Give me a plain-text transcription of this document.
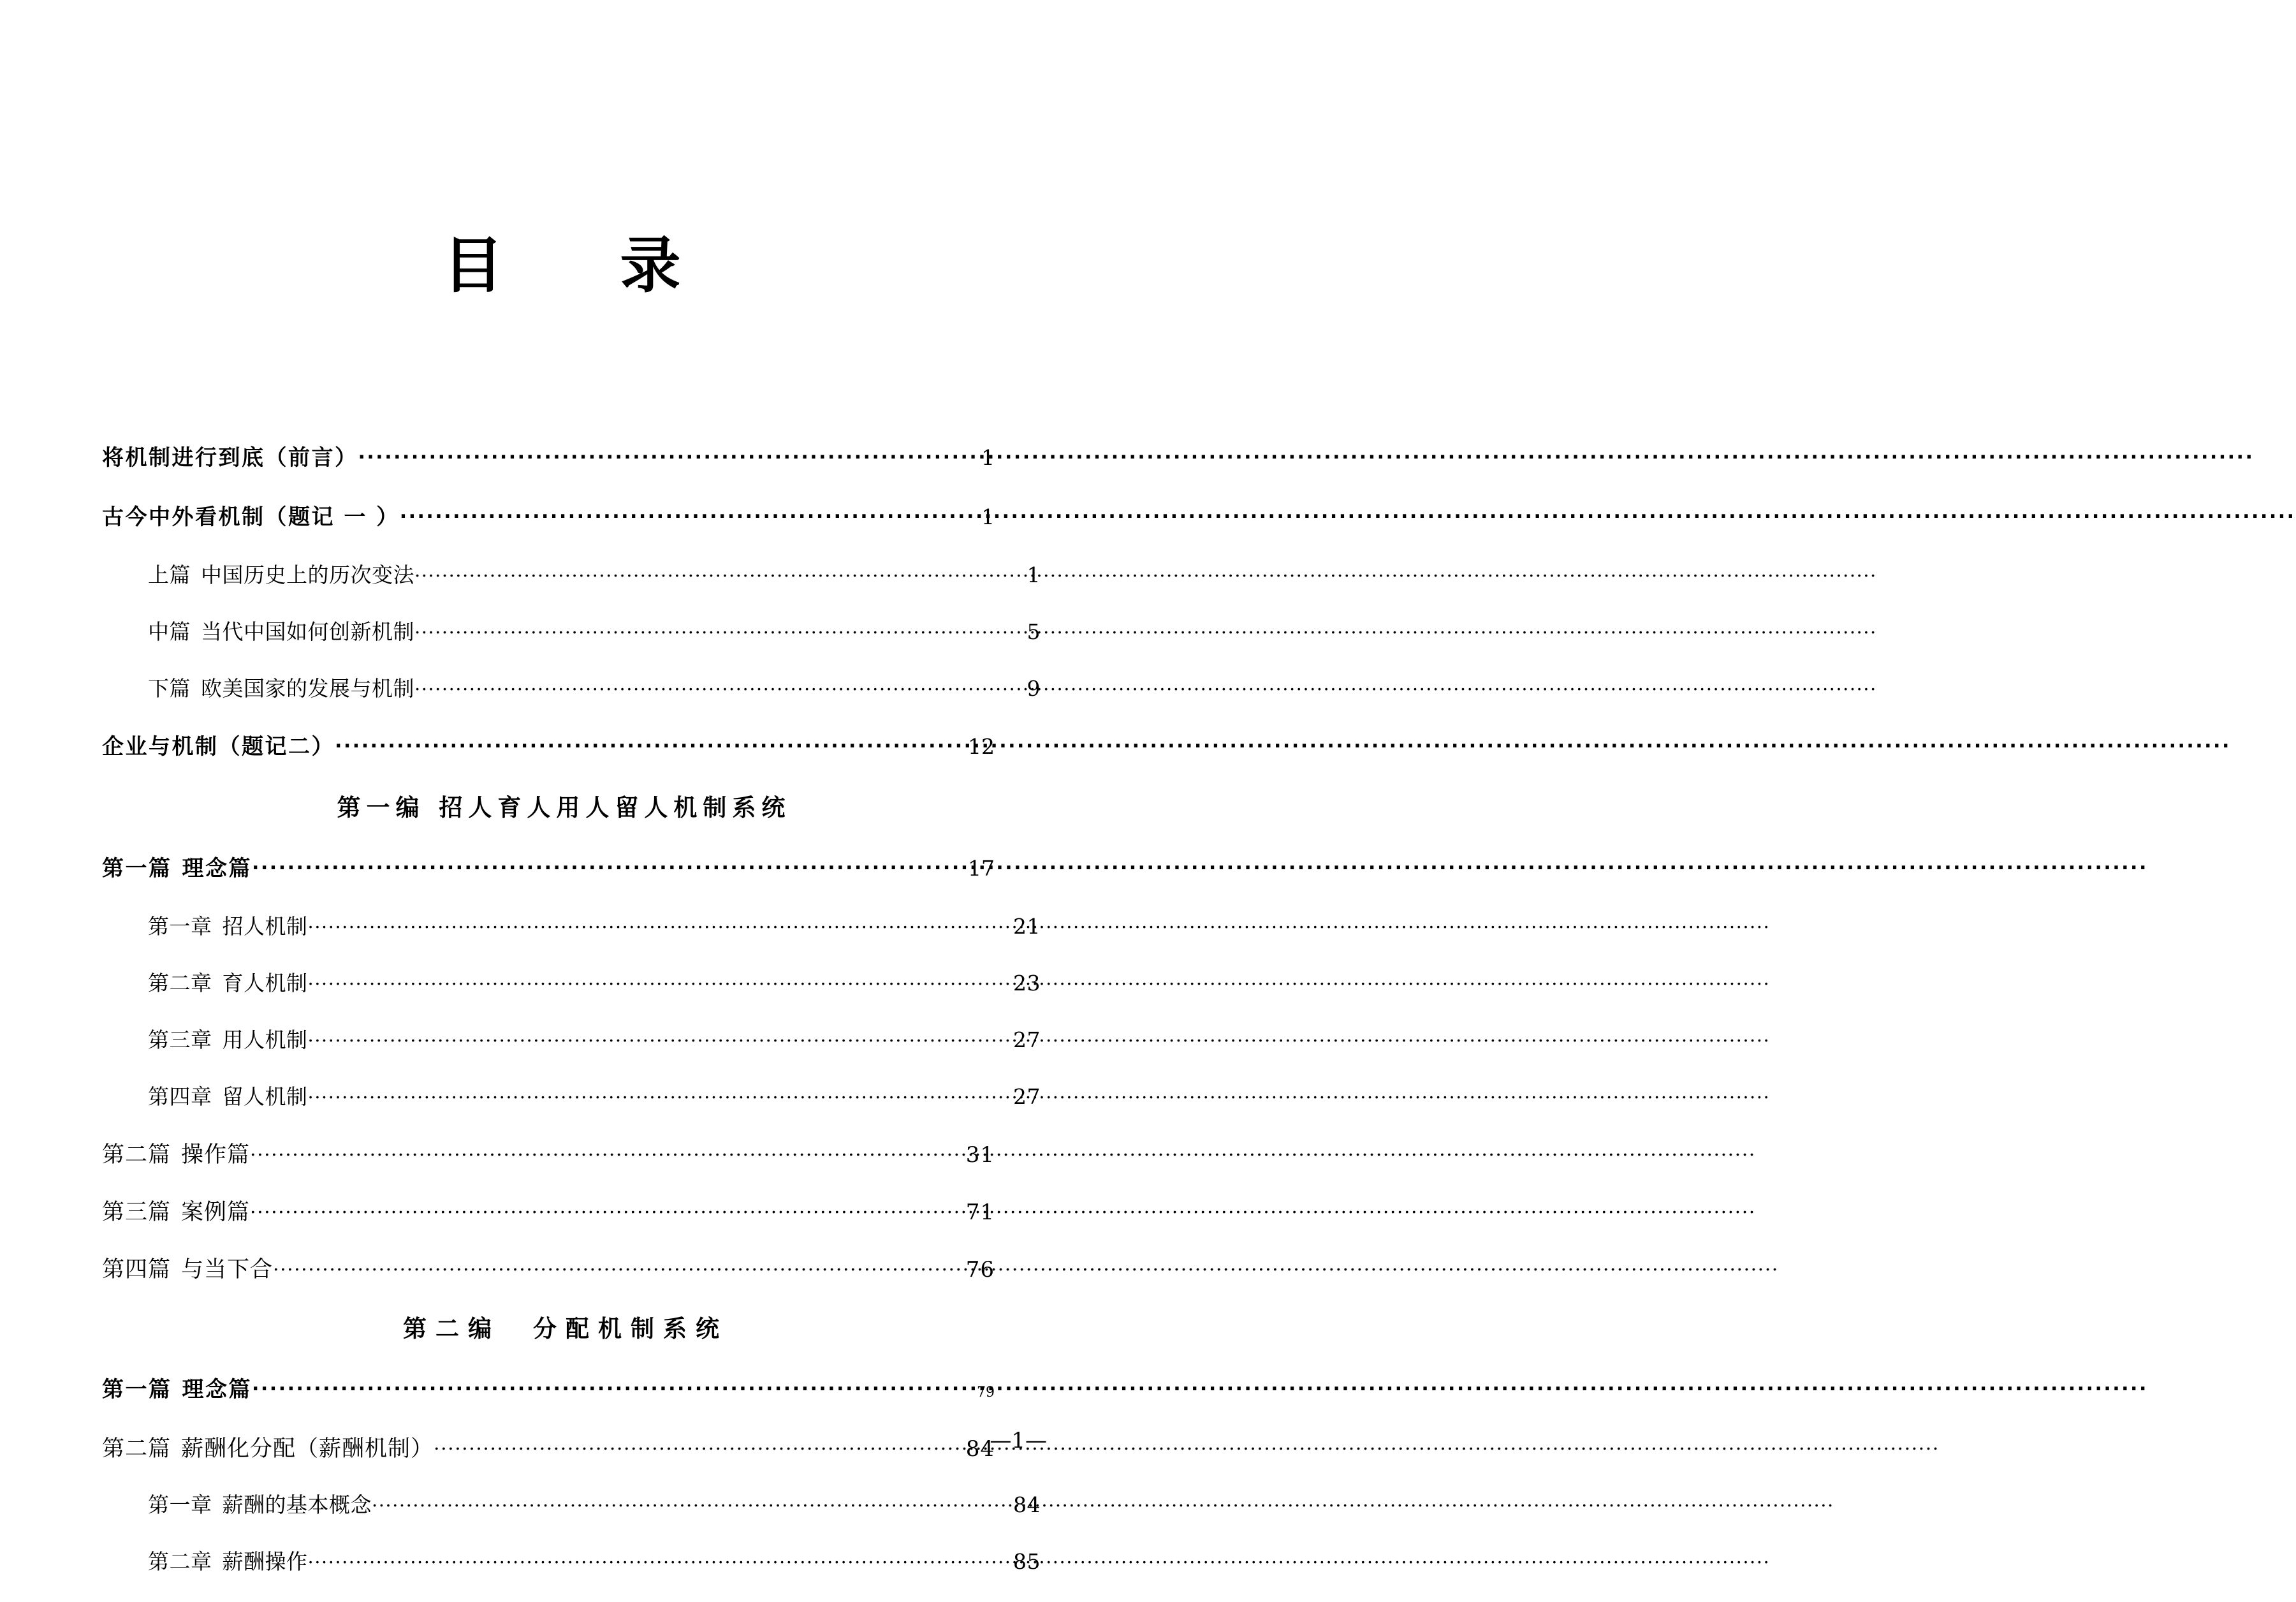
目　录
将机制进行到底（前言） .....	1
古今中外看机制（题记 一 ） .....	1
上篇 中国历史上的历次变法 .....	1
中篇 当代中国如何创新机制 .....	5
下篇 欧美国家的发展与机制 .....	9
企业与机制（题记二） .....	12
第一编 招人育人用人留人机制系统
第一篇 理念篇 .....	17
第一章 招人机制 .....	21
第二章 育人机制 .....	23
第三章 用人机制 .....	27
第四章 留人机制 .....	27
第二篇 操作篇 .....	31
第三篇 案例篇 .....	71
第四篇 与当下合 .....	76
第二编　分配机制系统
第一篇 理念篇 .....	79
第二篇 薪酬化分配（薪酬机制） .....	84
第一章 薪酬的基本概念 .....	84
第二章 薪酬操作 .....	85
—1—
